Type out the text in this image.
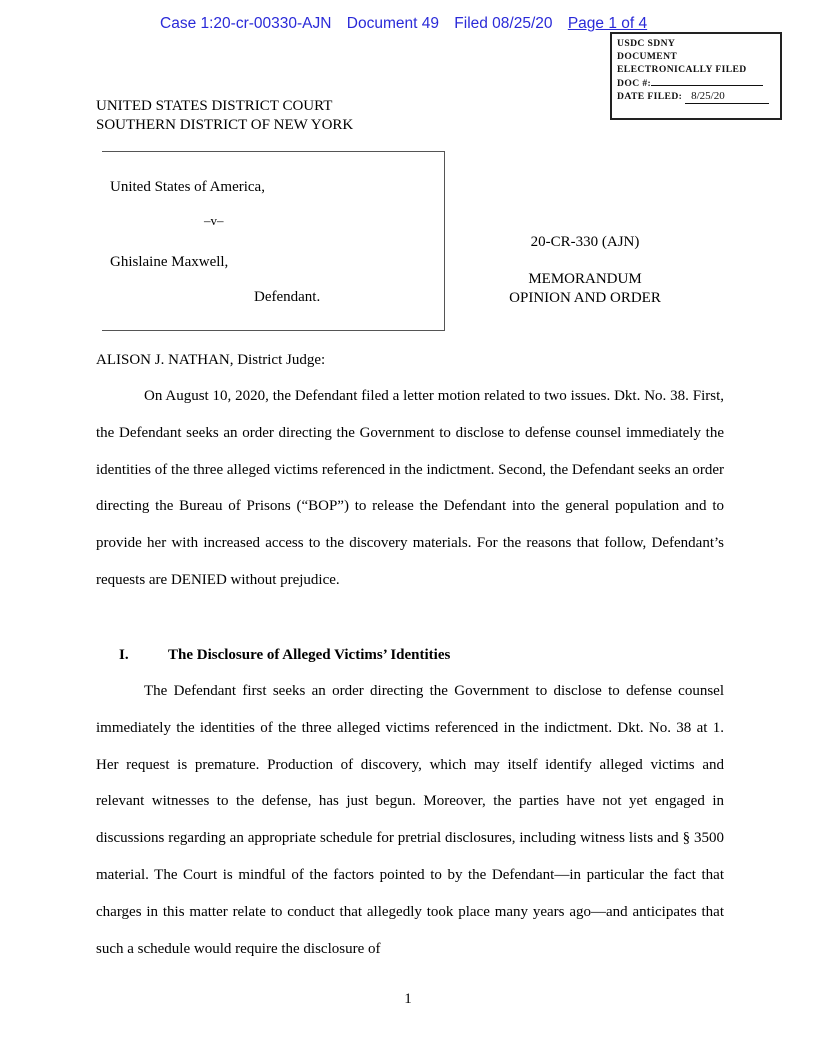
Case 1:20-cr-00330-AJN Document 49 Filed 08/25/20 Page 1 of 4
USDC SDNY
DOCUMENT
ELECTRONICALLY FILED
DOC #:
DATE FILED: 8/25/20
UNITED STATES DISTRICT COURT
SOUTHERN DISTRICT OF NEW YORK
United States of America,
–v–
Ghislaine Maxwell,
Defendant.
20-CR-330 (AJN)
MEMORANDUM
OPINION AND ORDER
ALISON J. NATHAN, District Judge:

On August 10, 2020, the Defendant filed a letter motion related to two issues. Dkt. No. 38. First, the Defendant seeks an order directing the Government to disclose to defense counsel immediately the identities of the three alleged victims referenced in the indictment. Second, the Defendant seeks an order directing the Bureau of Prisons (“BOP”) to release the Defendant into the general population and to provide her with increased access to the discovery materials. For the reasons that follow, Defendant’s requests are DENIED without prejudice.

I.	The Disclosure of Alleged Victims’ Identities

The Defendant first seeks an order directing the Government to disclose to defense counsel immediately the identities of the three alleged victims referenced in the indictment. Dkt. No. 38 at 1. Her request is premature. Production of discovery, which may itself identify alleged victims and relevant witnesses to the defense, has just begun. Moreover, the parties have not yet engaged in discussions regarding an appropriate schedule for pretrial disclosures, including witness lists and § 3500 material. The Court is mindful of the factors pointed to by the Defendant—in particular the fact that charges in this matter relate to conduct that allegedly took place many years ago—and anticipates that such a schedule would require the disclosure of

1
